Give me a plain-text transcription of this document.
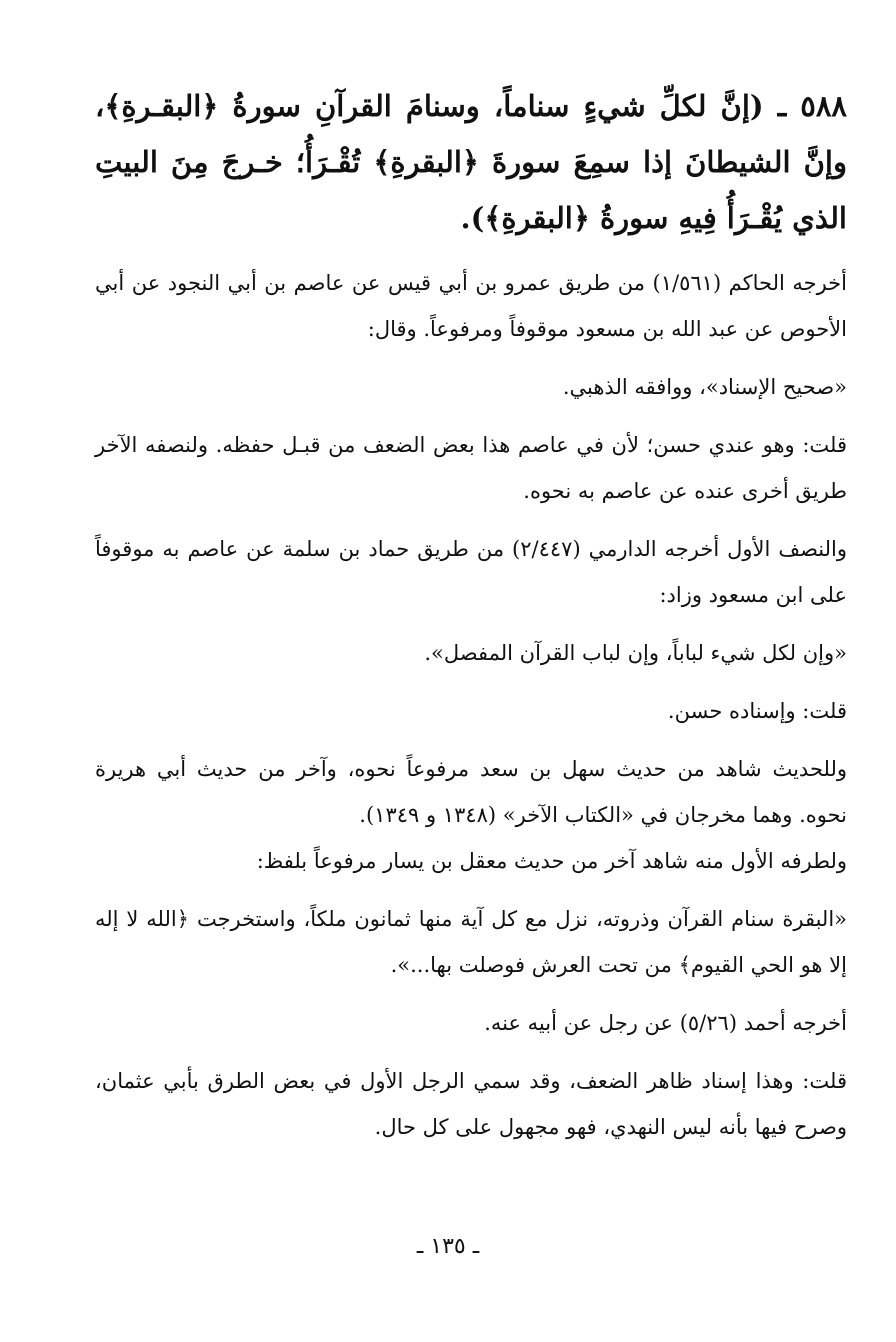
٥٨٨ ـ (إنَّ لكلِّ شيءٍ سناماً، وسنامَ القرآنِ سورةُ ﴿البقـرةِ﴾، وإنَّ الشيطانَ إذا سمِعَ سورةَ ﴿البقرةِ﴾ تُقْـرَأُ؛ خـرجَ مِنَ البيتِ الذي يُقْـرَأُ فِيهِ سورةُ ﴿البقرةِ﴾).

أخرجه الحاكم (١/٥٦١) من طريق عمرو بن أبي قيس عن عاصم بن أبي النجود عن أبي الأحوص عن عبد الله بن مسعود موقوفاً ومرفوعاً. وقال:

«صحيح الإسناد»، ووافقه الذهبي.

قلت: وهو عندي حسن؛ لأن في عاصم هذا بعض الضعف من قبـل حفظه. ولنصفه الآخر طريق أخرى عنده عن عاصم به نحوه.

والنصف الأول أخرجه الدارمي (٢/٤٤٧) من طريق حماد بن سلمة عن عاصم به موقوفاً على ابن مسعود وزاد:

«وإن لكل شيء لباباً، وإن لباب القرآن المفصل».

قلت: وإسناده حسن.

وللحديث شاهد من حديث سهل بن سعد مرفوعاً نحوه، وآخر من حديث أبي هريرة نحوه. وهما مخرجان في «الكتاب الآخر» (١٣٤٨ و ١٣٤٩).

ولطرفه الأول منه شاهد آخر من حديث معقل بن يسار مرفوعاً بلفظ:

«البقرة سنام القرآن وذروته، نزل مع كل آية منها ثمانون ملكاً، واستخرجت ﴿الله لا إله إلا هو الحي القيوم﴾ من تحت العرش فوصلت بها...».

أخرجه أحمد (٥/٢٦) عن رجل عن أبيه عنه.

قلت: وهذا إسناد ظاهر الضعف، وقد سمي الرجل الأول في بعض الطرق بأبي عثمان، وصرح فيها بأنه ليس النهدي، فهو مجهول على كل حال.

ـ ١٣٥ ـ
